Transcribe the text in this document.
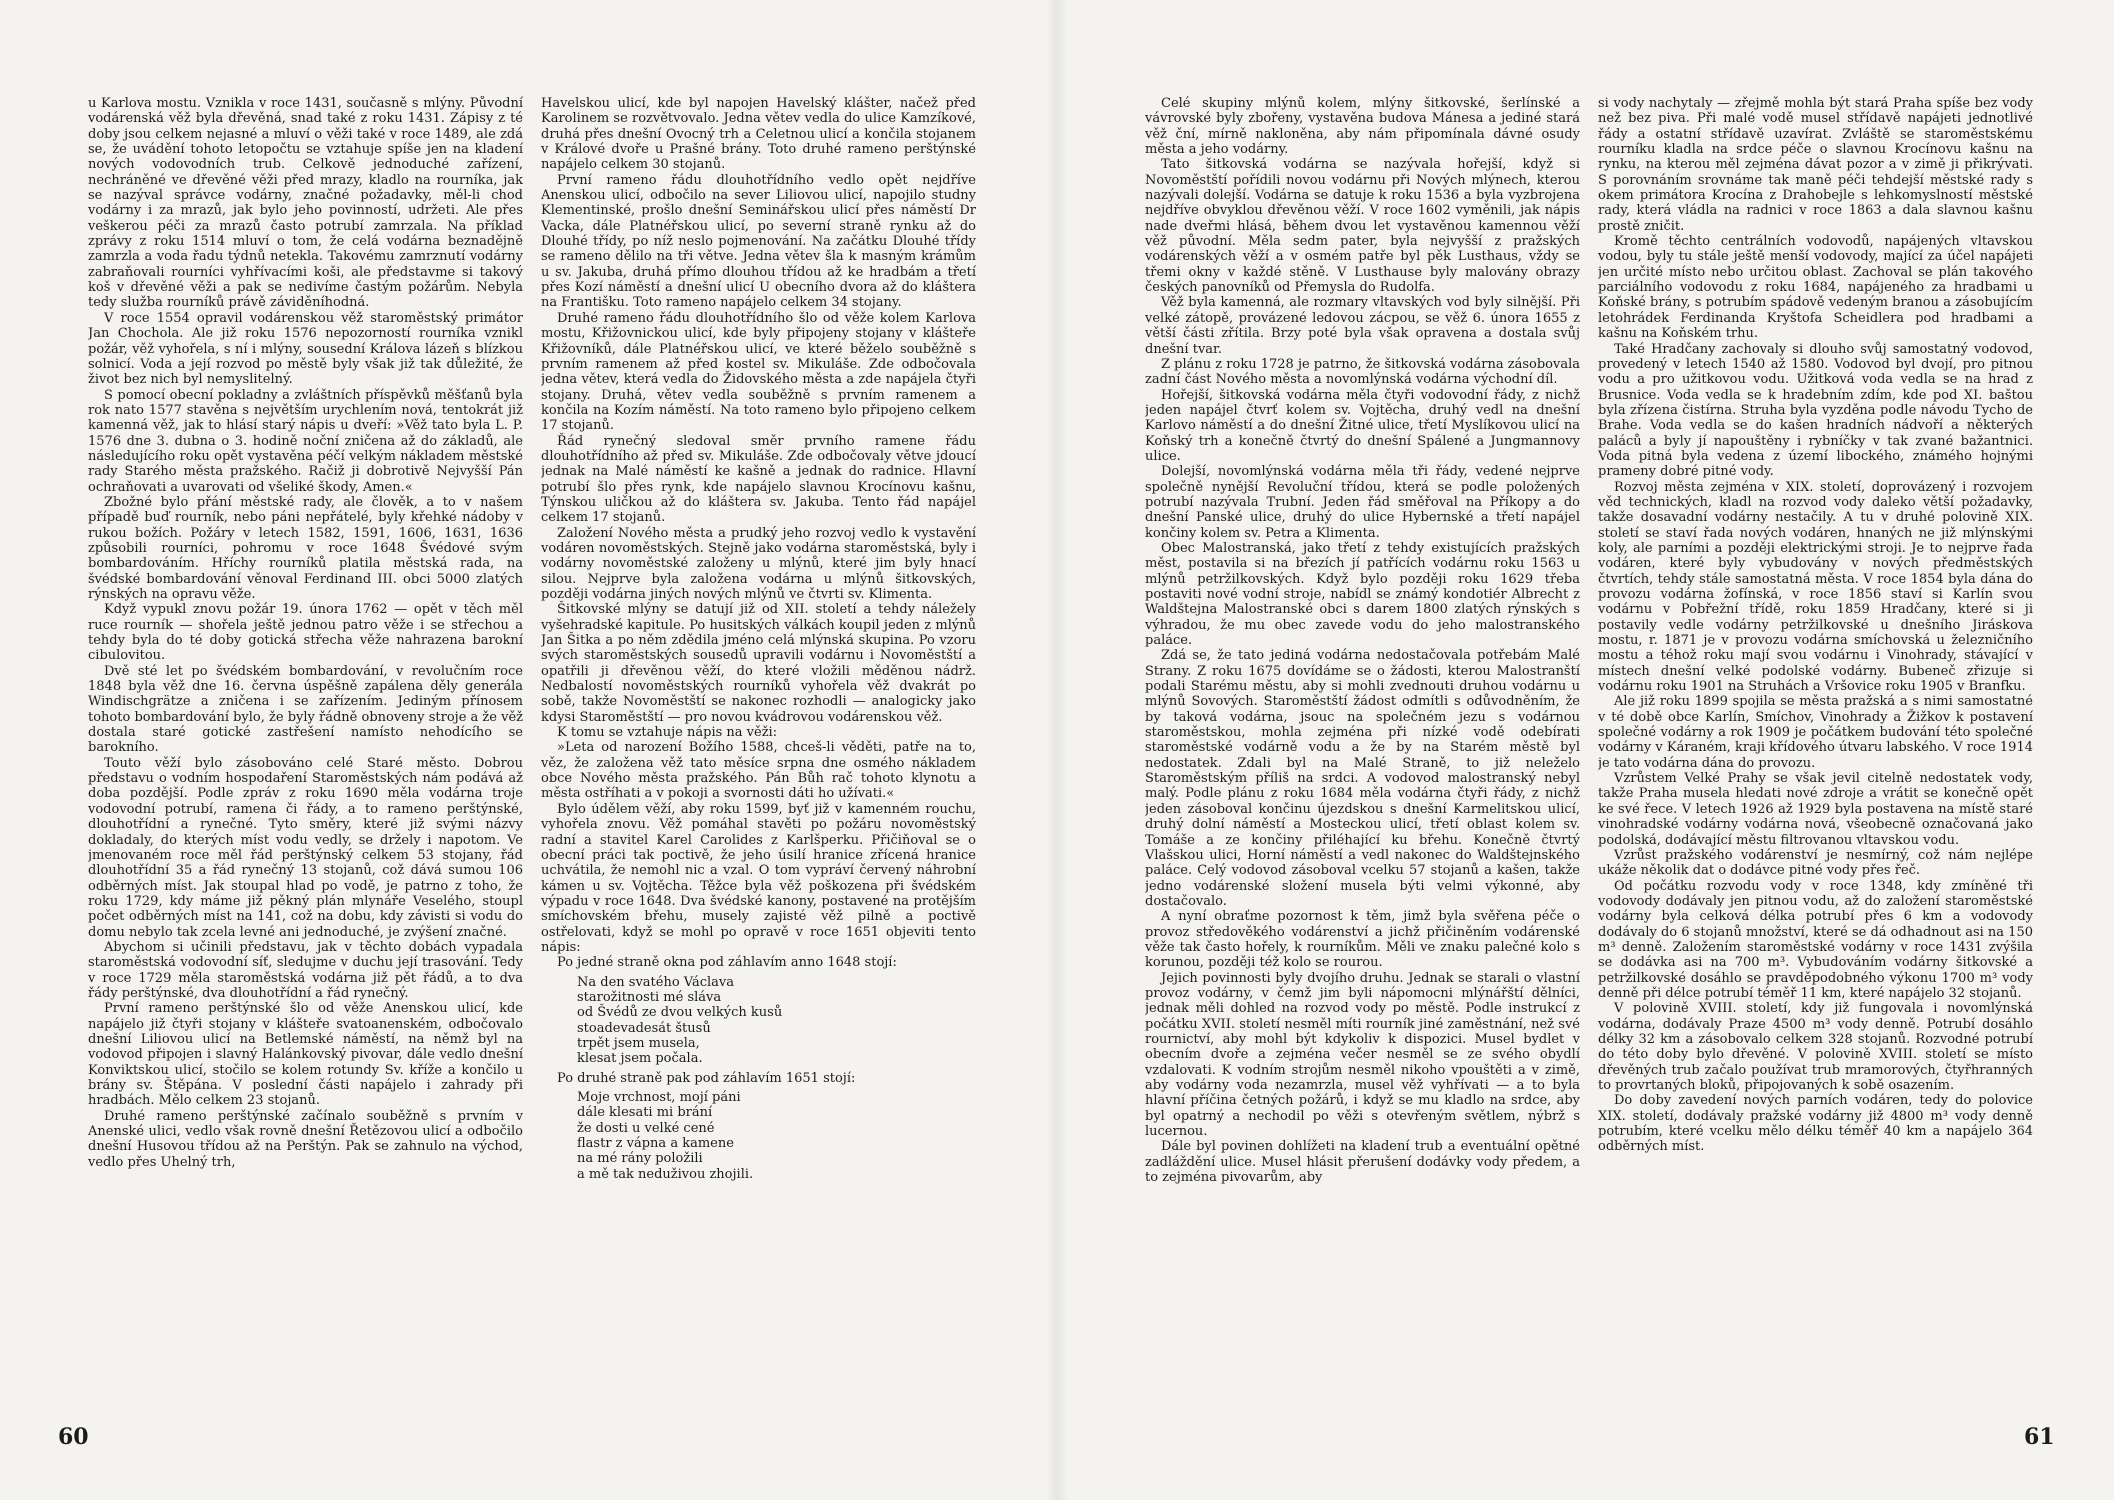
u Karlova mostu. Vznikla v roce 1431, současně s mlýny. Původní vodárenská věž byla dřevěná, snad také z roku 1431. Zápisy z té doby jsou celkem nejasné a mluví o věži také v roce 1489, ale zdá se, že uvádění tohoto letopočtu se vztahuje spíše jen na kladení nových vodovodních trub. Celkově jednoduché zařízení, nechráněné ve dřevěné věži před mrazy, kladlo na rourníka, jak se nazýval správce vodárny, značné požadavky, měl-li chod vodárny i za mrazů, jak bylo jeho povinností, udržeti. Ale přes veškerou péči za mrazů často potrubí zamrzala. Na příklad zprávy z roku 1514 mluví o tom, že celá vodárna beznadějně zamrzla a voda řadu týdnů netekla. Takovému zamrznutí vodárny zabraňovali rourníci vyhřívacími koši, ale představme si takový koš v dřevěné věži a pak se nedivíme častým požárům. Nebyla tedy služba rourníků právě záviděníhodná.

V roce 1554 opravil vodárenskou věž staroměstský primátor Jan Chochola. Ale již roku 1576 nepozorností rourníka vznikl požár, věž vyhořela, s ní i mlýny, sousední Králova lázeň s blízkou solnicí. Voda a její rozvod po městě byly však již tak důležité, že život bez nich byl nemyslitelný.

S pomocí obecní pokladny a zvláštních příspěvků měšťanů byla rok nato 1577 stavěna s největším urychlením nová, tentokrát již kamenná věž, jak to hlásí starý nápis u dveří: »Věž tato byla L. P. 1576 dne 3. dubna o 3. hodině noční zničena až do základů, ale následujícího roku opět vystavěna péčí velkým nákladem městské rady Starého města pražského. Račiž ji dobrotivě Nejvyšší Pán ochraňovati a uvarovati od všeliké škody, Amen.«

Zbožné bylo přání městské rady, ale člověk, a to v našem případě buď rourník, nebo páni nepřátelé, byly křehké nádoby v rukou božích. Požáry v letech 1582, 1591, 1606, 1631, 1636 způsobili rourníci, pohromu v roce 1648 Švédové svým bombardováním. Hříchy rourníků platila městská rada, na švédské bombardování věnoval Ferdinand III. obci 5000 zlatých rýnských na opravu věže.

Když vypukl znovu požár 19. února 1762 — opět v těch měl ruce rourník — shořela ještě jednou patro věže i se střechou a tehdy byla do té doby gotická střecha věže nahrazena barokní cibulovitou.

Dvě sté let po švédském bombardování, v revolučním roce 1848 byla věž dne 16. června úspěšně zapálena děly generála Windischgrätze a zničena i se zařízením. Jediným přínosem tohoto bombardování bylo, že byly řádně obnoveny stroje a že věž dostala staré gotické zastřešení namísto nehodícího se barokního.

Touto věží bylo zásobováno celé Staré město. Dobrou představu o vodním hospodaření Staroměstských nám podává až doba pozdější. Podle zpráv z roku 1690 měla vodárna troje vodovodní potrubí, ramena či řády, a to rameno perštýnské, dlouhotřídní a rynečné. Tyto směry, které již svými názvy dokladaly, do kterých míst vodu vedly, se držely i napotom. Ve jmenovaném roce měl řád perštýnský celkem 53 stojany, řád dlouhotřídní 35 a řád rynečný 13 stojanů, což dává sumou 106 odběrných míst. Jak stoupal hlad po vodě, je patrno z toho, že roku 1729, kdy máme již pěkný plán mlynáře Veselého, stoupl počet odběrných míst na 141, což na dobu, kdy závisti si vodu do domu nebylo tak zcela levné ani jednoduché, je zvýšení značné.

Abychom si učinili představu, jak v těchto dobách vypadala staroměstská vodovodní síť, sledujme v duchu její trasování. Tedy v roce 1729 měla staroměstská vodárna již pět řádů, a to dva řády perštýnské, dva dlouhotřídní a řád rynečný.

První rameno perštýnské šlo od věže Anenskou ulicí, kde napájelo již čtyři stojany v klášteře svatoanenském, odbočovalo dnešní Liliovou ulicí na Betlemské náměstí, na němž byl na vodovod připojen i slavný Halánkovský pivovar, dále vedlo dnešní Konviktskou ulicí, stočilo se kolem rotundy Sv. kříže a končilo u brány sv. Štěpána. V poslední části napájelo i zahrady při hradbách. Mělo celkem 23 stojanů.

Druhé rameno perštýnské začínalo souběžně s prvním v Anenské ulici, vedlo však rovně dnešní Řetězovou ulicí a odbočilo dnešní Husovou třídou až na Perštýn. Pak se zahnulo na východ, vedlo přes Uhelný trh,

Havelskou ulicí, kde byl napojen Havelský klášter, načež před Karolinem se rozvětvovalo. Jedna větev vedla do ulice Kamzíkové, druhá přes dnešní Ovocný trh a Celetnou ulicí a končila stojanem v Králové dvoře u Prašné brány. Toto druhé rameno perštýnské napájelo celkem 30 stojanů.

První rameno řádu dlouhotřídního vedlo opět nejdříve Anenskou ulicí, odbočilo na sever Liliovou ulicí, napojilo studny Klementinské, prošlo dnešní Seminářskou ulicí přes náměstí Dr Vacka, dále Platnéřskou ulicí, po severní straně rynku až do Dlouhé třídy, po níž neslo pojmenování. Na začátku Dlouhé třídy se rameno dělilo na tři větve. Jedna větev šla k masným krámům u sv. Jakuba, druhá přímo dlouhou třídou až ke hradbám a třetí přes Kozí náměstí a dnešní ulicí U obecního dvora až do kláštera na Františku. Toto rameno napájelo celkem 34 stojany.

Druhé rameno řádu dlouhotřídního šlo od věže kolem Karlova mostu, Křižovnickou ulicí, kde byly připojeny stojany v klášteře Křižovníků, dále Platnéřskou ulicí, ve které běželo souběžně s prvním ramenem až před kostel sv. Mikuláše. Zde odbočovala jedna větev, která vedla do Židovského města a zde napájela čtyři stojany. Druhá, větev vedla souběžně s prvním ramenem a končila na Kozím náměstí. Na toto rameno bylo připojeno celkem 17 stojanů.

Řád rynečný sledoval směr prvního ramene řádu dlouhotřídního až před sv. Mikuláše. Zde odbočovaly větve jdoucí jednak na Malé náměstí ke kašně a jednak do radnice. Hlavní potrubí šlo přes rynk, kde napájelo slavnou Krocínovu kašnu, Týnskou uličkou až do kláštera sv. Jakuba. Tento řád napájel celkem 17 stojanů.

Založení Nového města a prudký jeho rozvoj vedlo k vystavění vodáren novoměstských. Stejně jako vodárna staroměstská, byly i vodárny novoměstské založeny u mlýnů, které jim byly hnací silou. Nejprve byla založena vodárna u mlýnů šitkovských, později vodárna jiných nových mlýnů ve čtvrti sv. Klimenta.

Šitkovské mlýny se datují již od XII. století a tehdy náležely vyšehradské kapitule. Po husitských válkách koupil jeden z mlýnů Jan Šitka a po něm zdědila jméno celá mlýnská skupina. Po vzoru svých staroměstských sousedů upravili vodárnu i Novoměstští a opatřili ji dřevěnou věží, do které vložili měděnou nádrž. Nedbalostí novoměstských rourníků vyhořela věž dvakrát po sobě, takže Novoměstští se nakonec rozhodli — analogicky jako kdysi Staroměstští — pro novou kvádrovou vodárenskou věž.

K tomu se vztahuje nápis na věži:

»Leta od narození Božího 1588, chceš-li věděti, patře na to, věz, že založena věž tato měsíce srpna dne osmého nákladem obce Nového města pražského. Pán Bůh rač tohoto klynotu a města ostříhati a v pokoji a svornosti dáti ho užívati.«

Bylo údělem věží, aby roku 1599, byť již v kamenném rouchu, vyhořela znovu. Věž pomáhal stavěti po požáru novoměstský radní a stavitel Karel Carolides z Karlšperku. Přičiňoval se o obecní práci tak poctivě, že jeho úsilí hranice zřícená hranice uchvátila, že nemohl nic a vzal. O tom vypráví červený náhrobní kámen u sv. Vojtěcha. Těžce byla věž poškozena při švédském výpadu v roce 1648. Dva švédské kanony, postavené na protějším smíchovském břehu, musely zajisté věž pilně a poctivě ostřelovati, když se mohl po opravě v roce 1651 objeviti tento nápis:

Po jedné straně okna pod záhlavím anno 1648 stojí:

Na den svatého Václava
starožitnosti mé sláva
od Švédů ze dvou velkých kusů
stoadevadesát štusů
trpět jsem musela,
klesat jsem počala.

Po druhé straně pak pod záhlavím 1651 stojí:

Moje vrchnost, mojí páni
dále klesati mi brání
že dosti u velké cené
flastr z vápna a kamene
na mé rány položili
a mě tak neduživou zhojili.
60

Celé skupiny mlýnů kolem, mlýny šitkovské, šerlínské a vávrovské byly zbořeny, vystavěna budova Mánesa a jediné stará věž ční, mírně nakloněna, aby nám připomínala dávné osudy města a jeho vodárny.

Tato šitkovská vodárna se nazývala hořejší, když si Novoměstští pořídili novou vodárnu při Nových mlýnech, kterou nazývali dolejší. Vodárna se datuje k roku 1536 a byla vyzbrojena nejdříve obvyklou dřevěnou věží. V roce 1602 vyměnili, jak nápis nade dveřmi hlásá, během dvou let vystavěnou kamennou věží věž původní. Měla sedm pater, byla nejvyšší z pražských vodárenských věží a v osmém patře byl pěk Lusthaus, vždy se třemi okny v každé stěně. V Lusthause byly malovány obrazy českých panovníků od Přemysla do Rudolfa.

Věž byla kamenná, ale rozmary vltavských vod byly silnější. Při velké zátopě, provázené ledovou zácpou, se věž 6. února 1655 z větší části zřítila. Brzy poté byla však opravena a dostala svůj dnešní tvar.

Z plánu z roku 1728 je patrno, že šitkovská vodárna zásobovala zadní část Nového města a novomlýnská vodárna východní díl.

Hořejší, šitkovská vodárna měla čtyři vodovodní řády, z nichž jeden napájel čtvrť kolem sv. Vojtěcha, druhý vedl na dnešní Karlovo náměstí a do dnešní Žitné ulice, třetí Myslíkovou ulicí na Koňský trh a konečně čtvrtý do dnešní Spálené a Jungmannovy ulice.

Dolejší, novomlýnská vodárna měla tři řády, vedené nejprve společně nynější Revoluční třídou, která se podle položených potrubí nazývala Trubní. Jeden řád směřoval na Příkopy a do dnešní Panské ulice, druhý do ulice Hybernské a třetí napájel končiny kolem sv. Petra a Klimenta.

Obec Malostranská, jako třetí z tehdy existujících pražských měst, postavila si na březích jí patřících vodárnu roku 1563 u mlýnů petržilkovských. Když bylo později roku 1629 třeba postaviti nové vodní stroje, nabídl se známý kondotiér Albrecht z Waldštejna Malostranské obci s darem 1800 zlatých rýnských s výhradou, že mu obec zavede vodu do jeho malostranského paláce.

Zdá se, že tato jediná vodárna nedostačovala potřebám Malé Strany. Z roku 1675 dovídáme se o žádosti, kterou Malostranští podali Starému městu, aby si mohli zvednouti druhou vodárnu u mlýnů Sovových. Staroměstští žádost odmítli s odůvodněním, že by taková vodárna, jsouc na společném jezu s vodárnou staroměstskou, mohla zejména při nízké vodě odebírati staroměstské vodárně vodu a že by na Starém městě byl nedostatek. Zdali byl na Malé Straně, to již neleželo Staroměstským příliš na srdci. A vodovod malostranský nebyl malý. Podle plánu z roku 1684 měla vodárna čtyři řády, z nichž jeden zásoboval končinu újezdskou s dnešní Karmelitskou ulicí, druhý dolní náměstí a Mosteckou ulicí, třetí oblast kolem sv. Tomáše a ze končiny přiléhající ku břehu. Konečně čtvrtý Vlašskou ulici, Horní náměstí a vedl nakonec do Waldštejnského paláce. Celý vodovod zásoboval vcelku 57 stojanů a kašen, takže jedno vodárenské složení musela býti velmi výkonné, aby dostačovalo.

A nyní obraťme pozornost k těm, jimž byla svěřena péče o provoz středověkého vodárenství a jichž přičiněním vodárenské věže tak často hořely, k rourníkům. Měli ve znaku palečné kolo s korunou, později též kolo se rourou.

Jejich povinnosti byly dvojího druhu. Jednak se starali o vlastní provoz vodárny, v čemž jim byli nápomocni mlýnářští dělníci, jednak měli dohled na rozvod vody po městě. Podle instrukcí z počátku XVII. století nesměl míti rourník jiné zaměstnání, než své rournictví, aby mohl být kdykoliv k dispozici. Musel bydlet v obecním dvoře a zejména večer nesměl se ze svého obydlí vzdalovati. K vodním strojům nesměl nikoho vpouštěti a v zimě, aby vodárny voda nezamrzla, musel věž vyhřívati — a to byla hlavní příčina četných požárů, i když se mu kladlo na srdce, aby byl opatrný a nechodil po věži s otevřeným světlem, nýbrž s lucernou.

Dále byl povinen dohlížeti na kladení trub a eventuální opětné zadláždění ulice. Musel hlásit přerušení dodávky vody předem, a to zejména pivovarům, aby

si vody nachytaly — zřejmě mohla být stará Praha spíše bez vody než bez piva. Při malé vodě musel střídavě napájeti jednotlivé řády a ostatní střídavě uzavírat. Zvláště se staroměstskému rourníku kladla na srdce péče o slavnou Krocínovu kašnu na rynku, na kterou měl zejména dávat pozor a v zimě ji přikrývati. S porovnáním srovnáme tak maně péči tehdejší městské rady s okem primátora Krocína z Drahobejle s lehkomyslností městské rady, která vládla na radnici v roce 1863 a dala slavnou kašnu prostě zničit.

Kromě těchto centrálních vodovodů, napájených vltavskou vodou, byly tu stále ještě menší vodovody, mající za účel napájeti jen určité místo nebo určitou oblast. Zachoval se plán takového parciálního vodovodu z roku 1684, napájeného za hradbami u Koňské brány, s potrubím spádově vedeným branou a zásobujícím letohrádek Ferdinanda Kryštofa Scheidlera pod hradbami a kašnu na Koňském trhu.

Také Hradčany zachovaly si dlouho svůj samostatný vodovod, provedený v letech 1540 až 1580. Vodovod byl dvojí, pro pitnou vodu a pro užitkovou vodu. Užitková voda vedla se na hrad z Brusnice. Voda vedla se k hradebním zdím, kde pod XI. baštou byla zřízena čistírna. Struha byla vyzděna podle návodu Tycho de Brahe. Voda vedla se do kašen hradních nádvoří a některých paláců a byly jí napouštěny i rybníčky v tak zvané bažantnici. Voda pitná byla vedena z území libockého, známého hojnými prameny dobré pitné vody.

Rozvoj města zejména v XIX. století, doprovázený i rozvojem věd technických, kladl na rozvod vody daleko větší požadavky, takže dosavadní vodárny nestačily. A tu v druhé polovině XIX. století se staví řada nových vodáren, hnaných ne již mlýnskými koly, ale parními a později elektrickými stroji. Je to nejprve řada vodáren, které byly vybudovány v nových předměstských čtvrtích, tehdy stále samostatná města. V roce 1854 byla dána do provozu vodárna žofínská, v roce 1856 staví si Karlín svou vodárnu v Pobřežní třídě, roku 1859 Hradčany, které si ji postavily vedle vodárny petržilkovské u dnešního Jiráskova mostu, r. 1871 je v provozu vodárna smíchovská u železničního mostu a téhož roku mají svou vodárnu i Vinohrady, stávající v místech dnešní velké podolské vodárny. Bubeneč zřizuje si vodárnu roku 1901 na Struhách a Vršovice roku 1905 v Branfku.

Ale již roku 1899 spojila se města pražská a s nimi samostatné v té době obce Karlín, Smíchov, Vinohrady a Žižkov k postavení společné vodárny a rok 1909 je počátkem budování této společné vodárny v Káraném, kraji křídového útvaru labského. V roce 1914 je tato vodárna dána do provozu.

Vzrůstem Velké Prahy se však jevil citelně nedostatek vody, takže Praha musela hledati nové zdroje a vrátit se konečně opět ke své řece. V letech 1926 až 1929 byla postavena na místě staré vinohradské vodárny vodárna nová, všeobecně označovaná jako podolská, dodávající městu filtrovanou vltavskou vodu.

Vzrůst pražského vodárenství je nesmírný, což nám nejlépe ukáže několik dat o dodávce pitné vody přes řeč.

Od počátku rozvodu vody v roce 1348, kdy zmíněné tři vodovody dodávaly jen pitnou vodu, až do založení staroměstské vodárny byla celková délka potrubí přes 6 km a vodovody dodávaly do 6 stojanů množství, které se dá odhadnout asi na 150 m³ denně. Založením staroměstské vodárny v roce 1431 zvýšila se dodávka asi na 700 m³. Vybudováním vodárny šitkovské a petržilkovské dosáhlo se pravděpodobného výkonu 1700 m³ vody denně při délce potrubí téměř 11 km, které napájelo 32 stojanů.

V polovině XVIII. století, kdy již fungovala i novomlýnská vodárna, dodávaly Praze 4500 m³ vody denně. Potrubí dosáhlo délky 32 km a zásobovalo celkem 328 stojanů. Rozvodné potrubí do této doby bylo dřevěné. V polovině XVIII. století se místo dřevěných trub začalo používat trub mramorových, čtyřhranných to provrtaných bloků, připojovaných k sobě osazením.

Do doby zavedení nových parních vodáren, tedy do polovice XIX. století, dodávaly pražské vodárny již 4800 m³ vody denně potrubím, které vcelku mělo délku téměř 40 km a napájelo 364 odběrných míst.

61
